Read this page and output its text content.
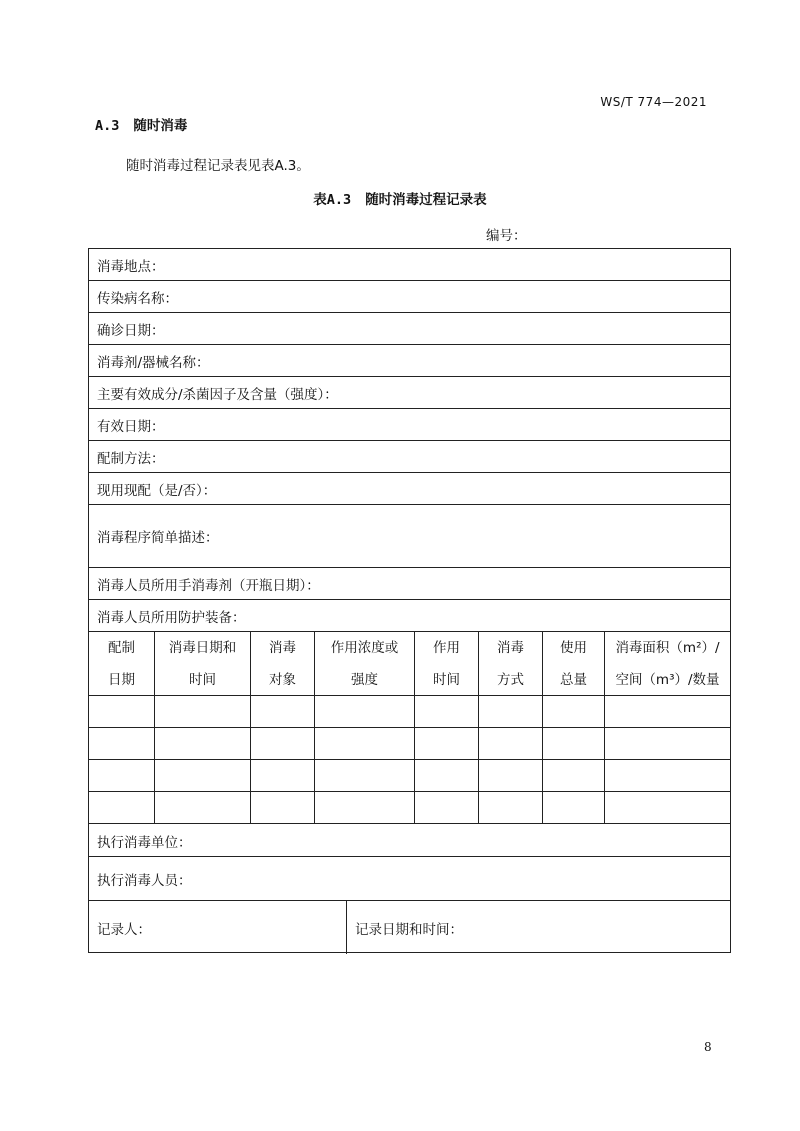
WS/T 774—2021
A.3 随时消毒
随时消毒过程记录表见表A.3。
表A.3 随时消毒过程记录表
编号：
消毒地点：
传染病名称：
确诊日期：
消毒剂/器械名称：
主要有效成分/杀菌因子及含量（强度）：
有效日期：
配制方法：
现用现配（是/否）：
消毒程序简单描述：
消毒人员所用手消毒剂（开瓶日期）：
消毒人员所用防护装备：
配制
日期
消毒日期和
时间
消毒
对象
作用浓度或
强度
作用
时间
消毒
方式
使用
总量
消毒面积（m²）/
空间（m³）/数量
执行消毒单位：
执行消毒人员：
记录人：	记录日期和时间：
8
